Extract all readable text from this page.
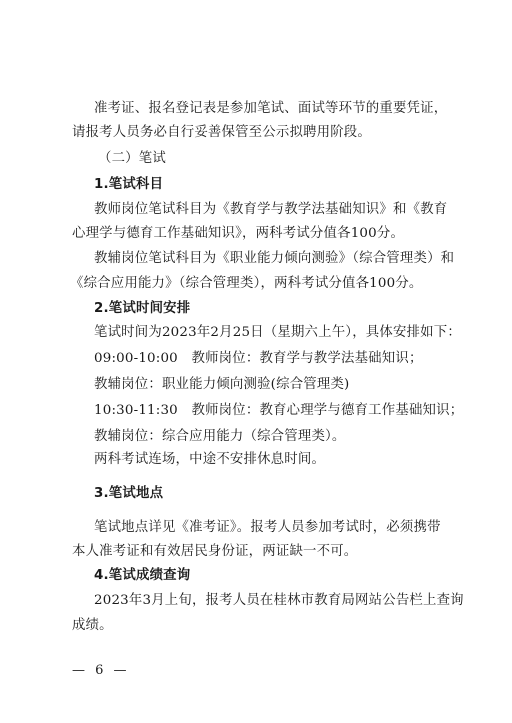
准考证、报名登记表是参加笔试、面试等环节的重要凭证，
请报考人员务必自行妥善保管至公示拟聘用阶段。
（二）笔试
1.笔试科目
教师岗位笔试科目为《教育学与教学法基础知识》和《教育
心理学与德育工作基础知识》，两科考试分值各100分。
教辅岗位笔试科目为《职业能力倾向测验》（综合管理类）和
《综合应用能力》（综合管理类），两科考试分值各100分。
2.笔试时间安排
笔试时间为2023年2月25日（星期六上午），具体安排如下：
09:00-10:00　教师岗位：教育学与教学法基础知识；
教辅岗位：职业能力倾向测验(综合管理类)
10:30-11:30　教师岗位：教育心理学与德育工作基础知识；
教辅岗位：综合应用能力（综合管理类）。
两科考试连场，中途不安排休息时间。
3.笔试地点
笔试地点详见《准考证》。报考人员参加考试时，必须携带
本人准考证和有效居民身份证，两证缺一不可。
4.笔试成绩查询
2023年3月上旬，报考人员在桂林市教育局网站公告栏上查询
成绩。
— 6 —
